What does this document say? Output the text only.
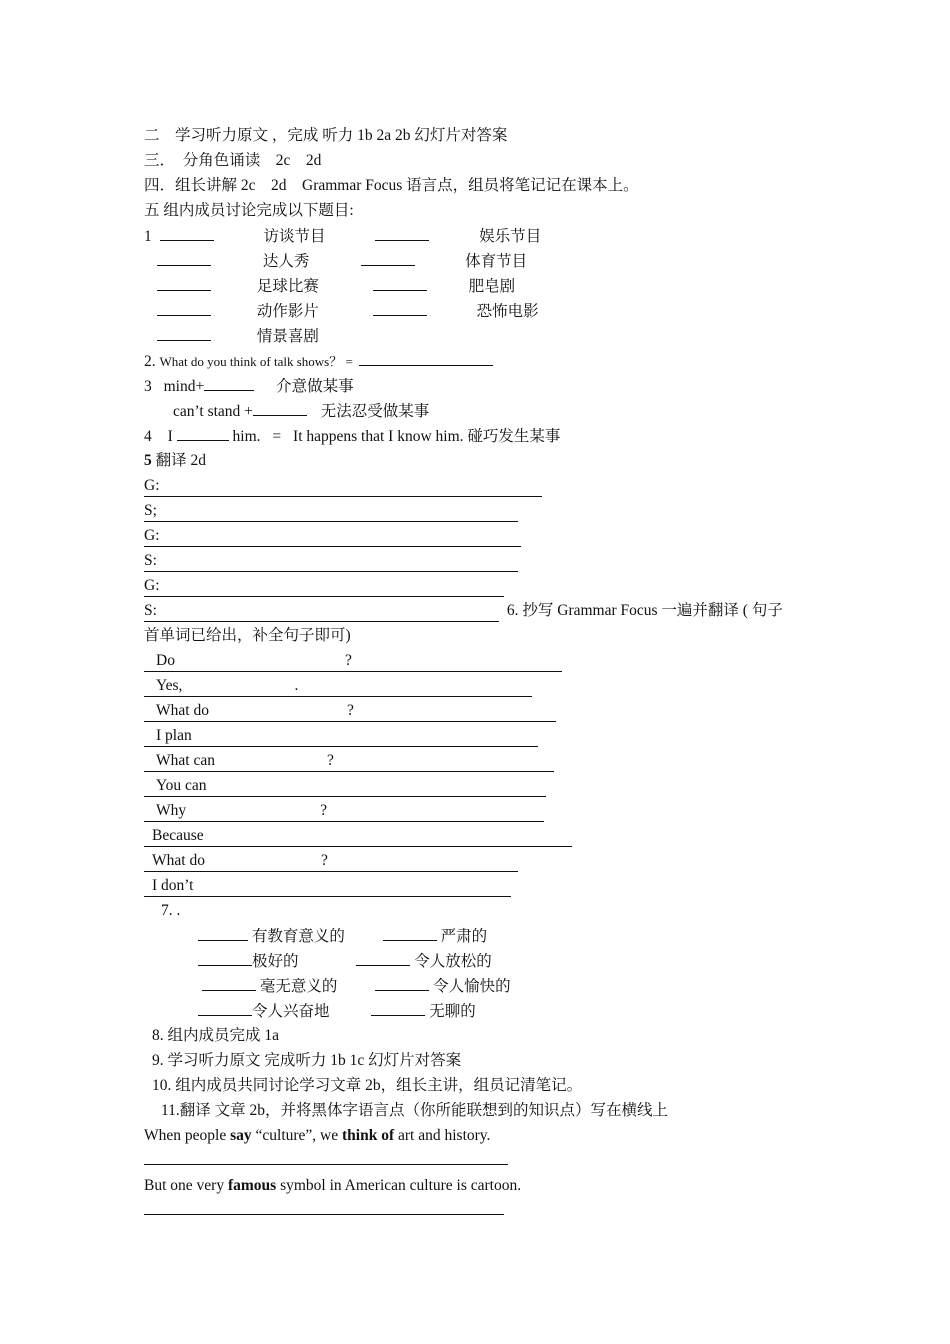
二　学习听力原文 ，完成 听力 1b 2a 2b 幻灯片对答案
三．　分角色诵读　2c　2d
四．组长讲解 2c　2d　Grammar Focus 语言点，组员将笔记记在课本上。
五 组内成员讨论完成以下题目:
1	访谈节目	娱乐节目
达人秀	体育节目
足球比赛	肥皂剧
动作影片	恐怖电影
情景喜剧
2. What do you think of talk shows？ =
3 mind+	介意做某事
can’t stand +	无法忍受做某事
4 I	him. = It happens that I know him. 碰巧发生某事
5 翻译 2d
G:
S;
G:
S:
G:
S:	6. 抄写 Grammar Focus 一遍并翻译 ( 句子
首单词已给出，补全句子即可)
Do	?
Yes,	.
What do	?
I plan
What can	?
You can
Why	?
Because
What do	?
I don’t
7. .
有教育意义的	严肃的
极好的	令人放松的
毫无意义的	令人愉快的
令人兴奋地	无聊的
8. 组内成员完成 1a
9. 学习听力原文 完成听力 1b 1c 幻灯片对答案
10. 组内成员共同讨论学习文章 2b，组长主讲，组员记清笔记。
11.翻译 文章 2b，并将黑体字语言点（你所能联想到的知识点）写在横线上
When people say “culture”, we think of art and history.
But one very famous symbol in American culture is cartoon.
